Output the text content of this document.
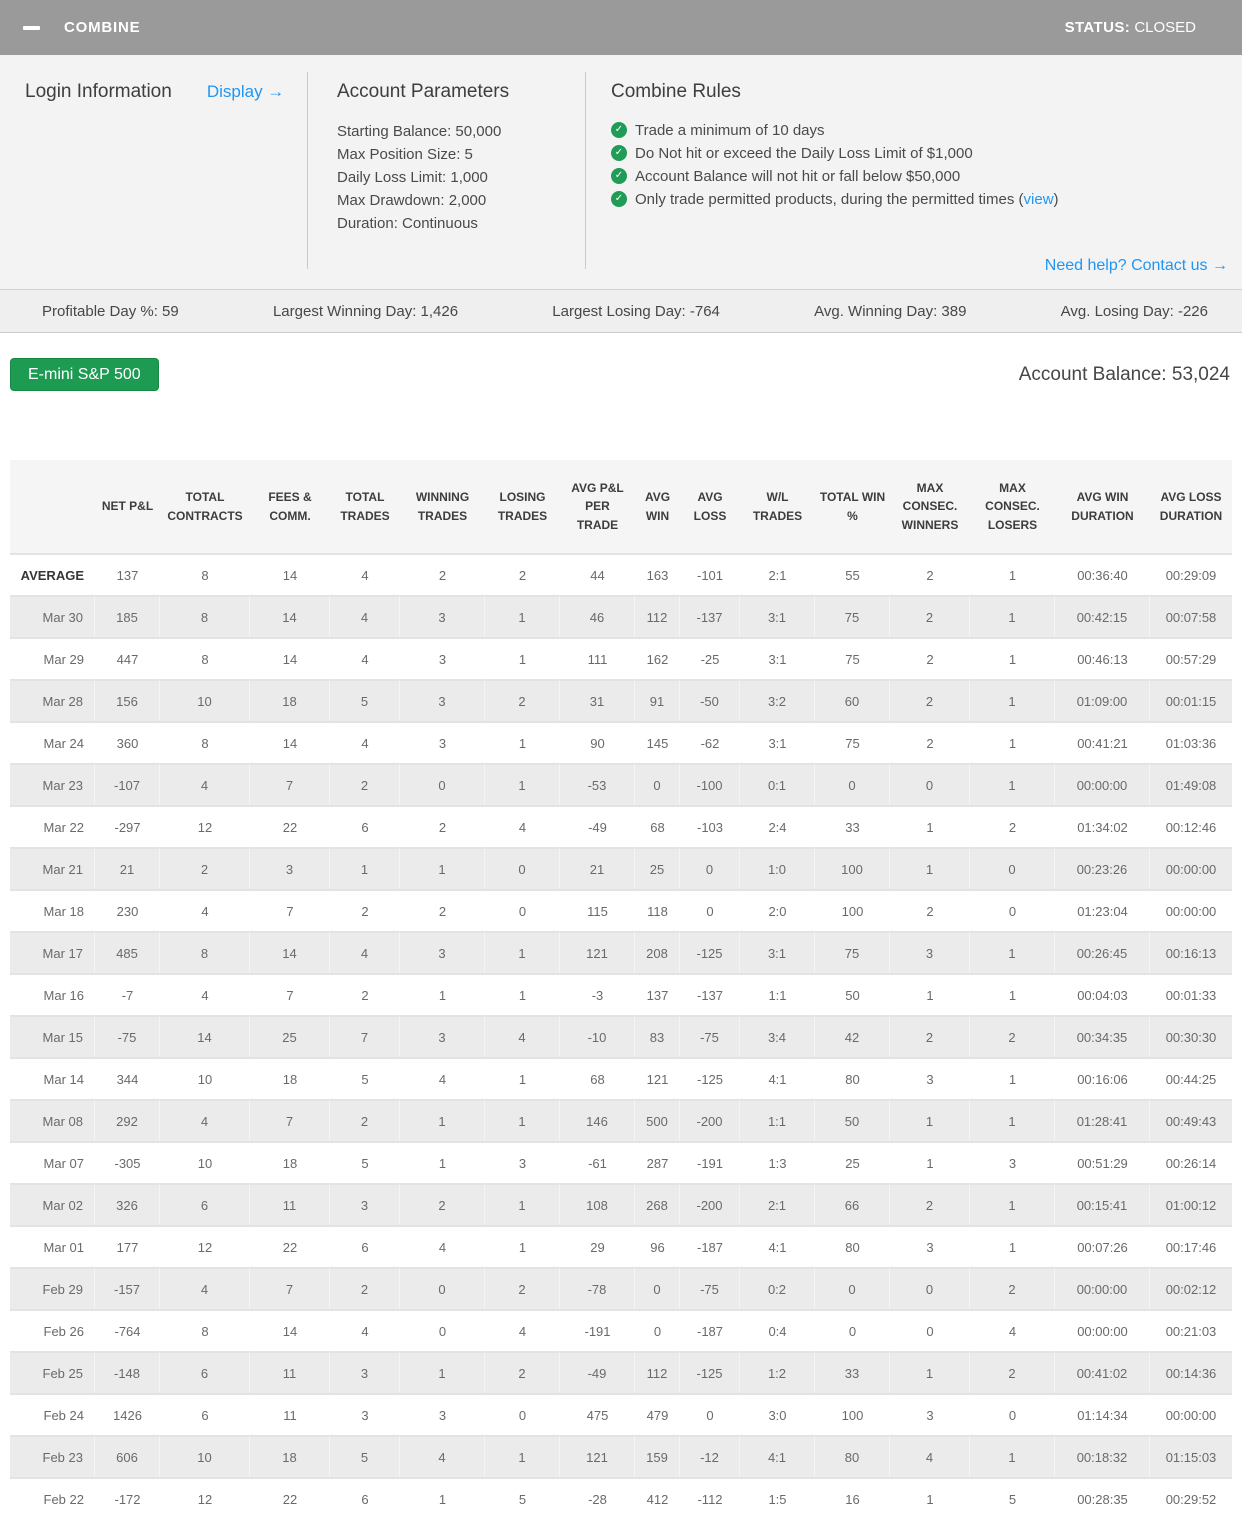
COMBINE	STATUS: CLOSED
Login Information Display →	Account Parameters
Starting Balance: 50,000
Max Position Size: 5
Daily Loss Limit: 1,000
Max Drawdown: 2,000
Duration: Continuous
Combine Rules
✓ Trade a minimum of 10 days
✓ Do Not hit or exceed the Daily Loss Limit of $1,000
✓ Account Balance will not hit or fall below $50,000
✓ Only trade permitted products, during the permitted times (view)
Need help? Contact us →
Profitable Day %: 59	Largest Winning Day: 1,426	Largest Losing Day: -764	Avg. Winning Day: 389	Avg. Losing Day: -226
E-mini S&P 500	Account Balance: 53,024
	NET P&L	TOTAL CONTRACTS	FEES & COMM.	TOTAL TRADES	WINNING TRADES	LOSING TRADES	AVG P&L PER TRADE	AVG WIN	AVG LOSS	W/L TRADES	TOTAL WIN %	MAX CONSEC. WINNERS	MAX CONSEC. LOSERS	AVG WIN DURATION	AVG LOSS DURATION
AVERAGE	137	8	14	4	2	2	44	163	-101	2:1	55	2	1	00:36:40	00:29:09
Mar 30	185	8	14	4	3	1	46	112	-137	3:1	75	2	1	00:42:15	00:07:58
Mar 29	447	8	14	4	3	1	111	162	-25	3:1	75	2	1	00:46:13	00:57:29
Mar 28	156	10	18	5	3	2	31	91	-50	3:2	60	2	1	01:09:00	00:01:15
Mar 24	360	8	14	4	3	1	90	145	-62	3:1	75	2	1	00:41:21	01:03:36
Mar 23	-107	4	7	2	0	1	-53	0	-100	0:1	0	0	1	00:00:00	01:49:08
Mar 22	-297	12	22	6	2	4	-49	68	-103	2:4	33	1	2	01:34:02	00:12:46
Mar 21	21	2	3	1	1	0	21	25	0	1:0	100	1	0	00:23:26	00:00:00
Mar 18	230	4	7	2	2	0	115	118	0	2:0	100	2	0	01:23:04	00:00:00
Mar 17	485	8	14	4	3	1	121	208	-125	3:1	75	3	1	00:26:45	00:16:13
Mar 16	-7	4	7	2	1	1	-3	137	-137	1:1	50	1	1	00:04:03	00:01:33
Mar 15	-75	14	25	7	3	4	-10	83	-75	3:4	42	2	2	00:34:35	00:30:30
Mar 14	344	10	18	5	4	1	68	121	-125	4:1	80	3	1	00:16:06	00:44:25
Mar 08	292	4	7	2	1	1	146	500	-200	1:1	50	1	1	01:28:41	00:49:43
Mar 07	-305	10	18	5	1	3	-61	287	-191	1:3	25	1	3	00:51:29	00:26:14
Mar 02	326	6	11	3	2	1	108	268	-200	2:1	66	2	1	00:15:41	01:00:12
Mar 01	177	12	22	6	4	1	29	96	-187	4:1	80	3	1	00:07:26	00:17:46
Feb 29	-157	4	7	2	0	2	-78	0	-75	0:2	0	0	2	00:00:00	00:02:12
Feb 26	-764	8	14	4	0	4	-191	0	-187	0:4	0	0	4	00:00:00	00:21:03
Feb 25	-148	6	11	3	1	2	-49	112	-125	1:2	33	1	2	00:41:02	00:14:36
Feb 24	1426	6	11	3	3	0	475	479	0	3:0	100	3	0	01:14:34	00:00:00
Feb 23	606	10	18	5	4	1	121	159	-12	4:1	80	4	1	00:18:32	01:15:03
Feb 22	-172	12	22	6	1	5	-28	412	-112	1:5	16	1	5	00:28:35	00:29:52
